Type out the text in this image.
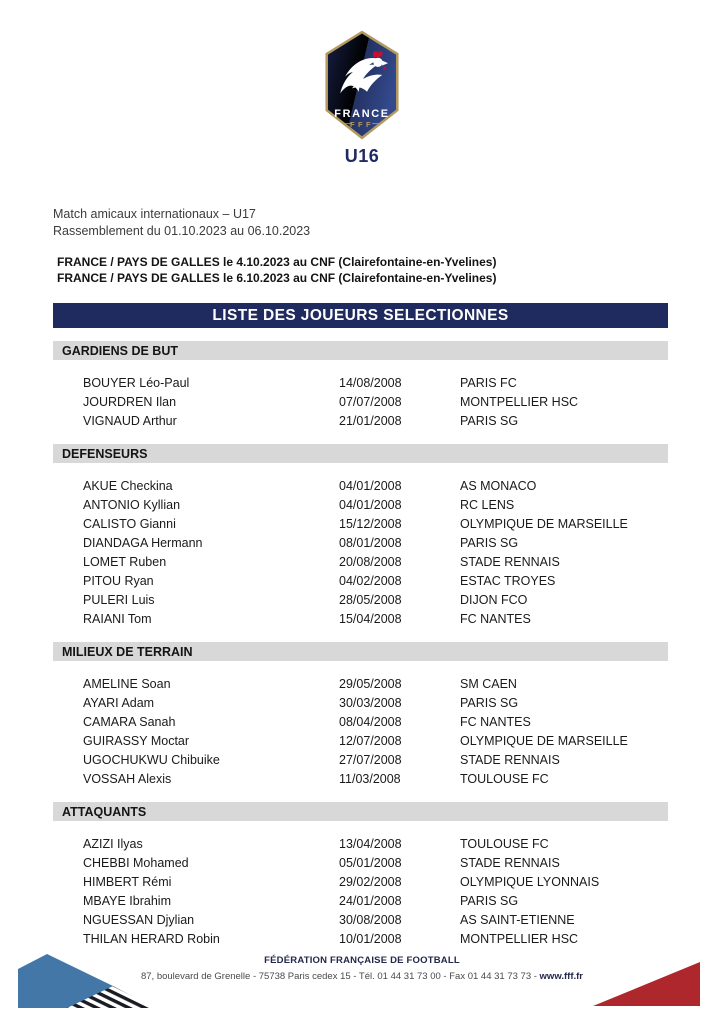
FRANCE
FFF
U16
Match amicaux internationaux – U17
Rassemblement du 01.10.2023 au 06.10.2023
FRANCE / PAYS DE GALLES le 4.10.2023 au CNF (Clairefontaine-en-Yvelines)
FRANCE / PAYS DE GALLES le 6.10.2023 au CNF (Clairefontaine-en-Yvelines)
LISTE DES JOUEURS SELECTIONNES
GARDIENS DE BUT
BOUYER Léo-Paul	14/08/2008	PARIS FC
JOURDREN Ilan	07/07/2008	MONTPELLIER HSC
VIGNAUD Arthur	21/01/2008	PARIS SG
DEFENSEURS
AKUE Checkina	04/01/2008	AS MONACO
ANTONIO Kyllian	04/01/2008	RC LENS
CALISTO Gianni	15/12/2008	OLYMPIQUE DE MARSEILLE
DIANDAGA Hermann	08/01/2008	PARIS SG
LOMET Ruben	20/08/2008	STADE RENNAIS
PITOU Ryan	04/02/2008	ESTAC TROYES
PULERI Luis	28/05/2008	DIJON FCO
RAIANI Tom	15/04/2008	FC NANTES
MILIEUX DE TERRAIN
AMELINE Soan	29/05/2008	SM CAEN
AYARI Adam	30/03/2008	PARIS SG
CAMARA Sanah	08/04/2008	FC NANTES
GUIRASSY Moctar	12/07/2008	OLYMPIQUE DE MARSEILLE
UGOCHUKWU Chibuike	27/07/2008	STADE RENNAIS
VOSSAH Alexis	11/03/2008	TOULOUSE FC
ATTAQUANTS
AZIZI Ilyas	13/04/2008	TOULOUSE FC
CHEBBI Mohamed	05/01/2008	STADE RENNAIS
HIMBERT Rémi	29/02/2008	OLYMPIQUE LYONNAIS
MBAYE Ibrahim	24/01/2008	PARIS SG
NGUESSAN Djylian	30/08/2008	AS SAINT-ETIENNE
THILAN HERARD Robin	10/01/2008	MONTPELLIER HSC
FÉDÉRATION FRANÇAISE DE FOOTBALL
87, boulevard de Grenelle - 75738 Paris cedex 15 - Tél. 01 44 31 73 00 - Fax 01 44 31 73 73 - www.fff.fr
